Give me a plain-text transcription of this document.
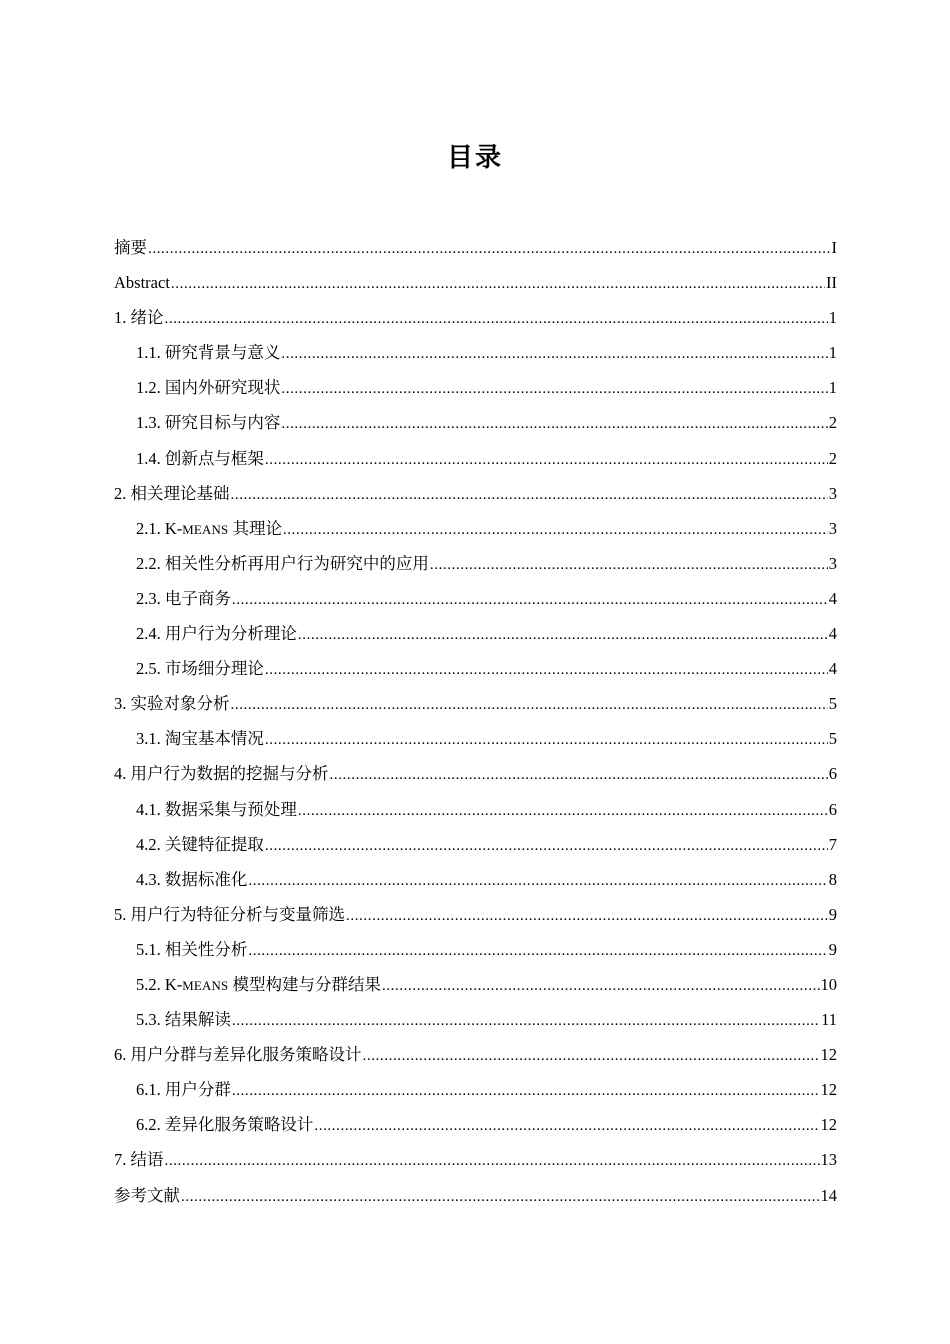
目录
摘要 .....	I
Abstract .....	II
1. 绪论 .....	1
1.1. 研究背景与意义 .....	1
1.2. 国内外研究现状 .....	1
1.3. 研究目标与内容 .....	2
1.4. 创新点与框架 .....	2
2. 相关理论基础 .....	3
2.1. K-MEANS 其理论 .....	3
2.2. 相关性分析再用户行为研究中的应用 .....	3
2.3. 电子商务 .....	4
2.4. 用户行为分析理论 .....	4
2.5. 市场细分理论 .....	4
3. 实验对象分析 .....	5
3.1. 淘宝基本情况 .....	5
4. 用户行为数据的挖掘与分析 .....	6
4.1. 数据采集与预处理 .....	6
4.2. 关键特征提取 .....	7
4.3. 数据标准化 .....	8
5. 用户行为特征分析与变量筛选 .....	9
5.1. 相关性分析 .....	9
5.2. K-MEANS 模型构建与分群结果 .....	10
5.3. 结果解读 .....	11
6. 用户分群与差异化服务策略设计 .....	12
6.1. 用户分群 .....	12
6.2. 差异化服务策略设计 .....	12
7. 结语 .....	13
参考文献 .....	14
